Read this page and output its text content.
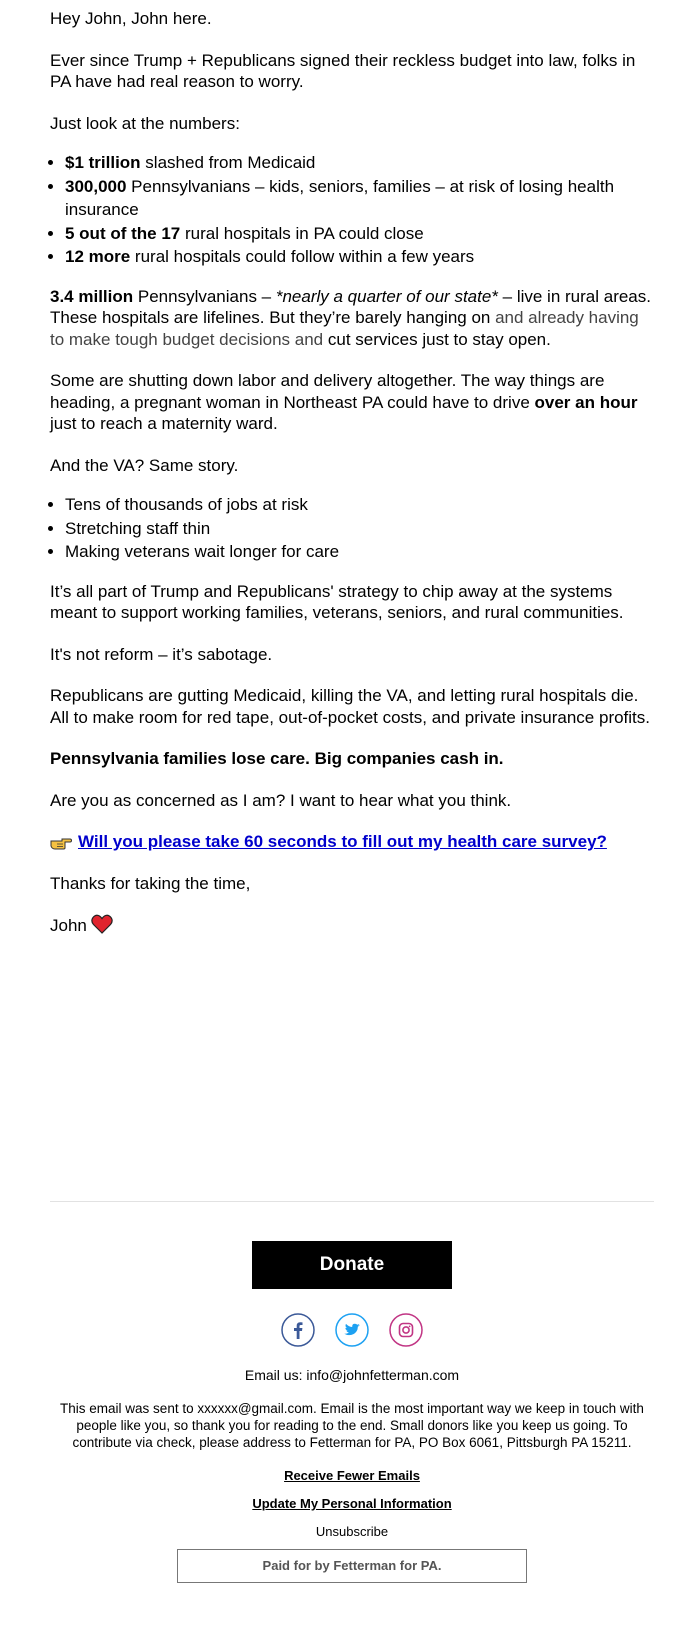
Hey John, John here.

Ever since Trump + Republicans signed their reckless budget into law, folks in PA have had real reason to worry.

Just look at the numbers:

• $1 trillion slashed from Medicaid
• 300,000 Pennsylvanians – kids, seniors, families – at risk of losing health insurance
• 5 out of the 17 rural hospitals in PA could close
• 12 more rural hospitals could follow within a few years

3.4 million Pennsylvanians – *nearly a quarter of our state* – live in rural areas. These hospitals are lifelines. But they’re barely hanging on and already having to make tough budget decisions and cut services just to stay open.

Some are shutting down labor and delivery altogether. The way things are heading, a pregnant woman in Northeast PA could have to drive over an hour just to reach a maternity ward.

And the VA? Same story.

• Tens of thousands of jobs at risk
• Stretching staff thin
• Making veterans wait longer for care

It’s all part of Trump and Republicans' strategy to chip away at the systems meant to support working families, veterans, seniors, and rural communities.

It's not reform – it’s sabotage.

Republicans are gutting Medicaid, killing the VA, and letting rural hospitals die. All to make room for red tape, out-of-pocket costs, and private insurance profits.

Pennsylvania families lose care. Big companies cash in.

Are you as concerned as I am? I want to hear what you think.

Will you please take 60 seconds to fill out my health care survey?

Thanks for taking the time,

John

Donate

Email us: info@johnfetterman.com

This email was sent to xxxxxx@gmail.com. Email is the most important way we keep in touch with people like you, so thank you for reading to the end. Small donors like you keep us going. To contribute via check, please address to Fetterman for PA, PO Box 6061, Pittsburgh PA 15211.

Receive Fewer Emails
Update My Personal Information
Unsubscribe
Paid for by Fetterman for PA.
